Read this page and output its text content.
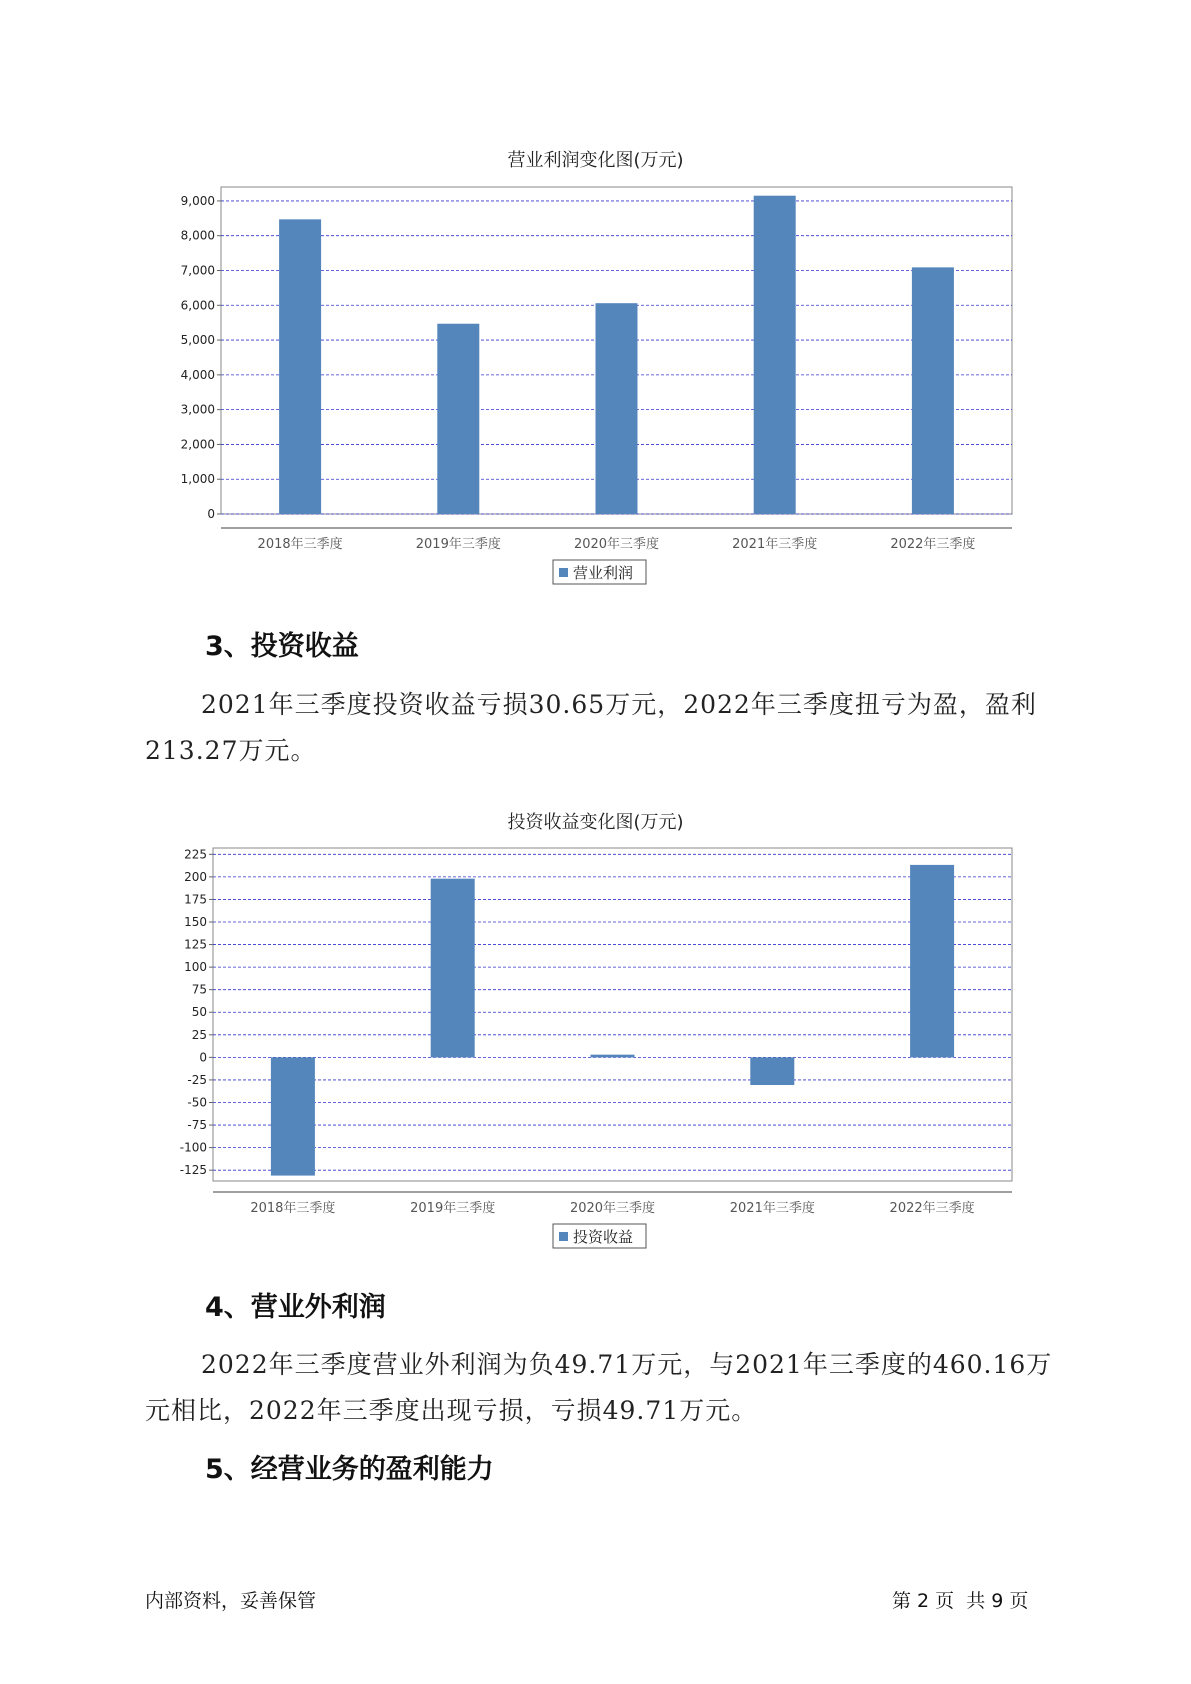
营业利润变化图(万元)
0
1,000
2,000
3,000
4,000
5,000
6,000
7,000
8,000
9,000
2018年三季度	2019年三季度	2020年三季度	2021年三季度	2022年三季度
营业利润
3、投资收益
2021年三季度投资收益亏损30.65万元，2022年三季度扭亏为盈，盈利213.27万元。
投资收益变化图(万元)
-125
-100
-75
-50
-25
0
25
50
75
100
125
150
175
200
225
2018年三季度	2019年三季度	2020年三季度	2021年三季度	2022年三季度
投资收益
4、营业外利润
2022年三季度营业外利润为负49.71万元，与2021年三季度的460.16万元相比，2022年三季度出现亏损，亏损49.71万元。
5、经营业务的盈利能力
内部资料，妥善保管	第 2 页  共 9 页
